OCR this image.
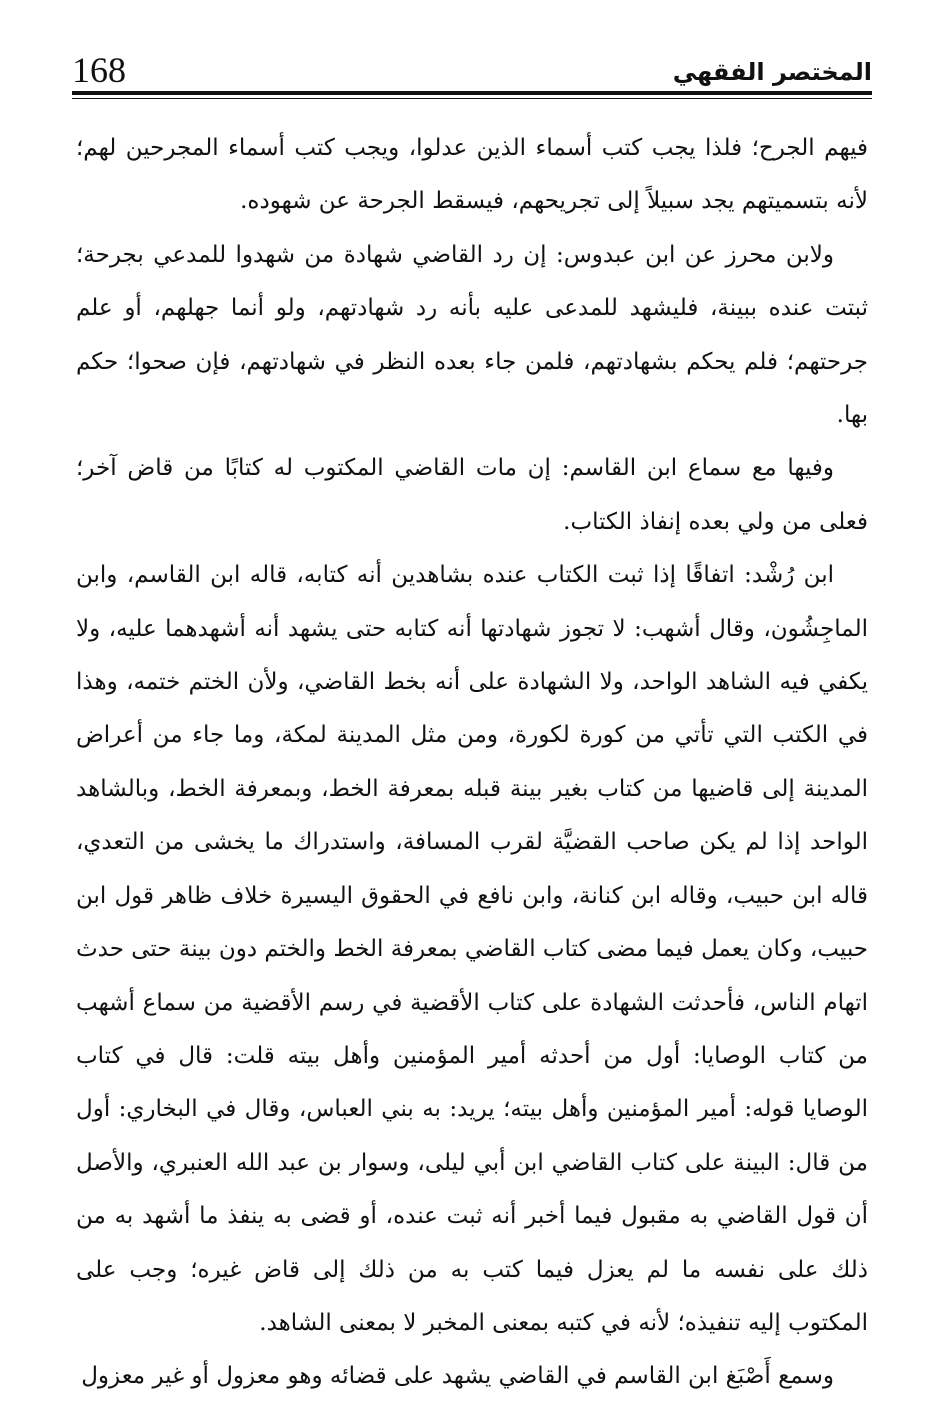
168	المختصر الفقهي

فيهم الجرح؛ فلذا يجب كتب أسماء الذين عدلوا، ويجب كتب أسماء المجرحين لهم؛ لأنه بتسميتهم يجد سبيلاً إلى تجريحهم، فيسقط الجرحة عن شهوده.

ولابن محرز عن ابن عبدوس: إن رد القاضي شهادة من شهدوا للمدعي بجرحة؛ ثبتت عنده ببينة، فليشهد للمدعى عليه بأنه رد شهادتهم، ولو أنما جهلهم، أو علم جرحتهم؛ فلم يحكم بشهادتهم، فلمن جاء بعده النظر في شهادتهم، فإن صحوا؛ حكم بها.

وفيها مع سماع ابن القاسم: إن مات القاضي المكتوب له كتابًا من قاض آخر؛ فعلى من ولي بعده إنفاذ الكتاب.

ابن رُشْد: اتفاقًا إذا ثبت الكتاب عنده بشاهدين أنه كتابه، قاله ابن القاسم، وابن الماجِشُون، وقال أشهب: لا تجوز شهادتها أنه كتابه حتى يشهد أنه أشهدهما عليه، ولا يكفي فيه الشاهد الواحد، ولا الشهادة على أنه بخط القاضي، ولأن الختم ختمه، وهذا في الكتب التي تأتي من كورة لكورة، ومن مثل المدينة لمكة، وما جاء من أعراض المدينة إلى قاضيها من كتاب بغير بينة قبله بمعرفة الخط، وبمعرفة الخط، وبالشاهد الواحد إذا لم يكن صاحب القضيَّة لقرب المسافة، واستدراك ما يخشى من التعدي، قاله ابن حبيب، وقاله ابن كنانة، وابن نافع في الحقوق اليسيرة خلاف ظاهر قول ابن حبيب، وكان يعمل فيما مضى كتاب القاضي بمعرفة الخط والختم دون بينة حتى حدث اتهام الناس، فأحدثت الشهادة على كتاب الأقضية في رسم الأقضية من سماع أشهب من كتاب الوصايا: أول من أحدثه أمير المؤمنين وأهل بيته قلت: قال في كتاب الوصايا قوله: أمير المؤمنين وأهل بيته؛ يريد: به بني العباس، وقال في البخاري: أول من قال: البينة على كتاب القاضي ابن أبي ليلى، وسوار بن عبد الله العنبري، والأصل أن قول القاضي به مقبول فيما أخبر أنه ثبت عنده، أو قضى به ينفذ ما أشهد به من ذلك على نفسه ما لم يعزل فيما كتب به من ذلك إلى قاض غيره؛ وجب على المكتوب إليه تنفيذه؛ لأنه في كتبه بمعنى المخبر لا بمعنى الشاهد.

وسمع أَصْبَغ ابن القاسم في القاضي يشهد على قضائه وهو معزول أو غير معزول
